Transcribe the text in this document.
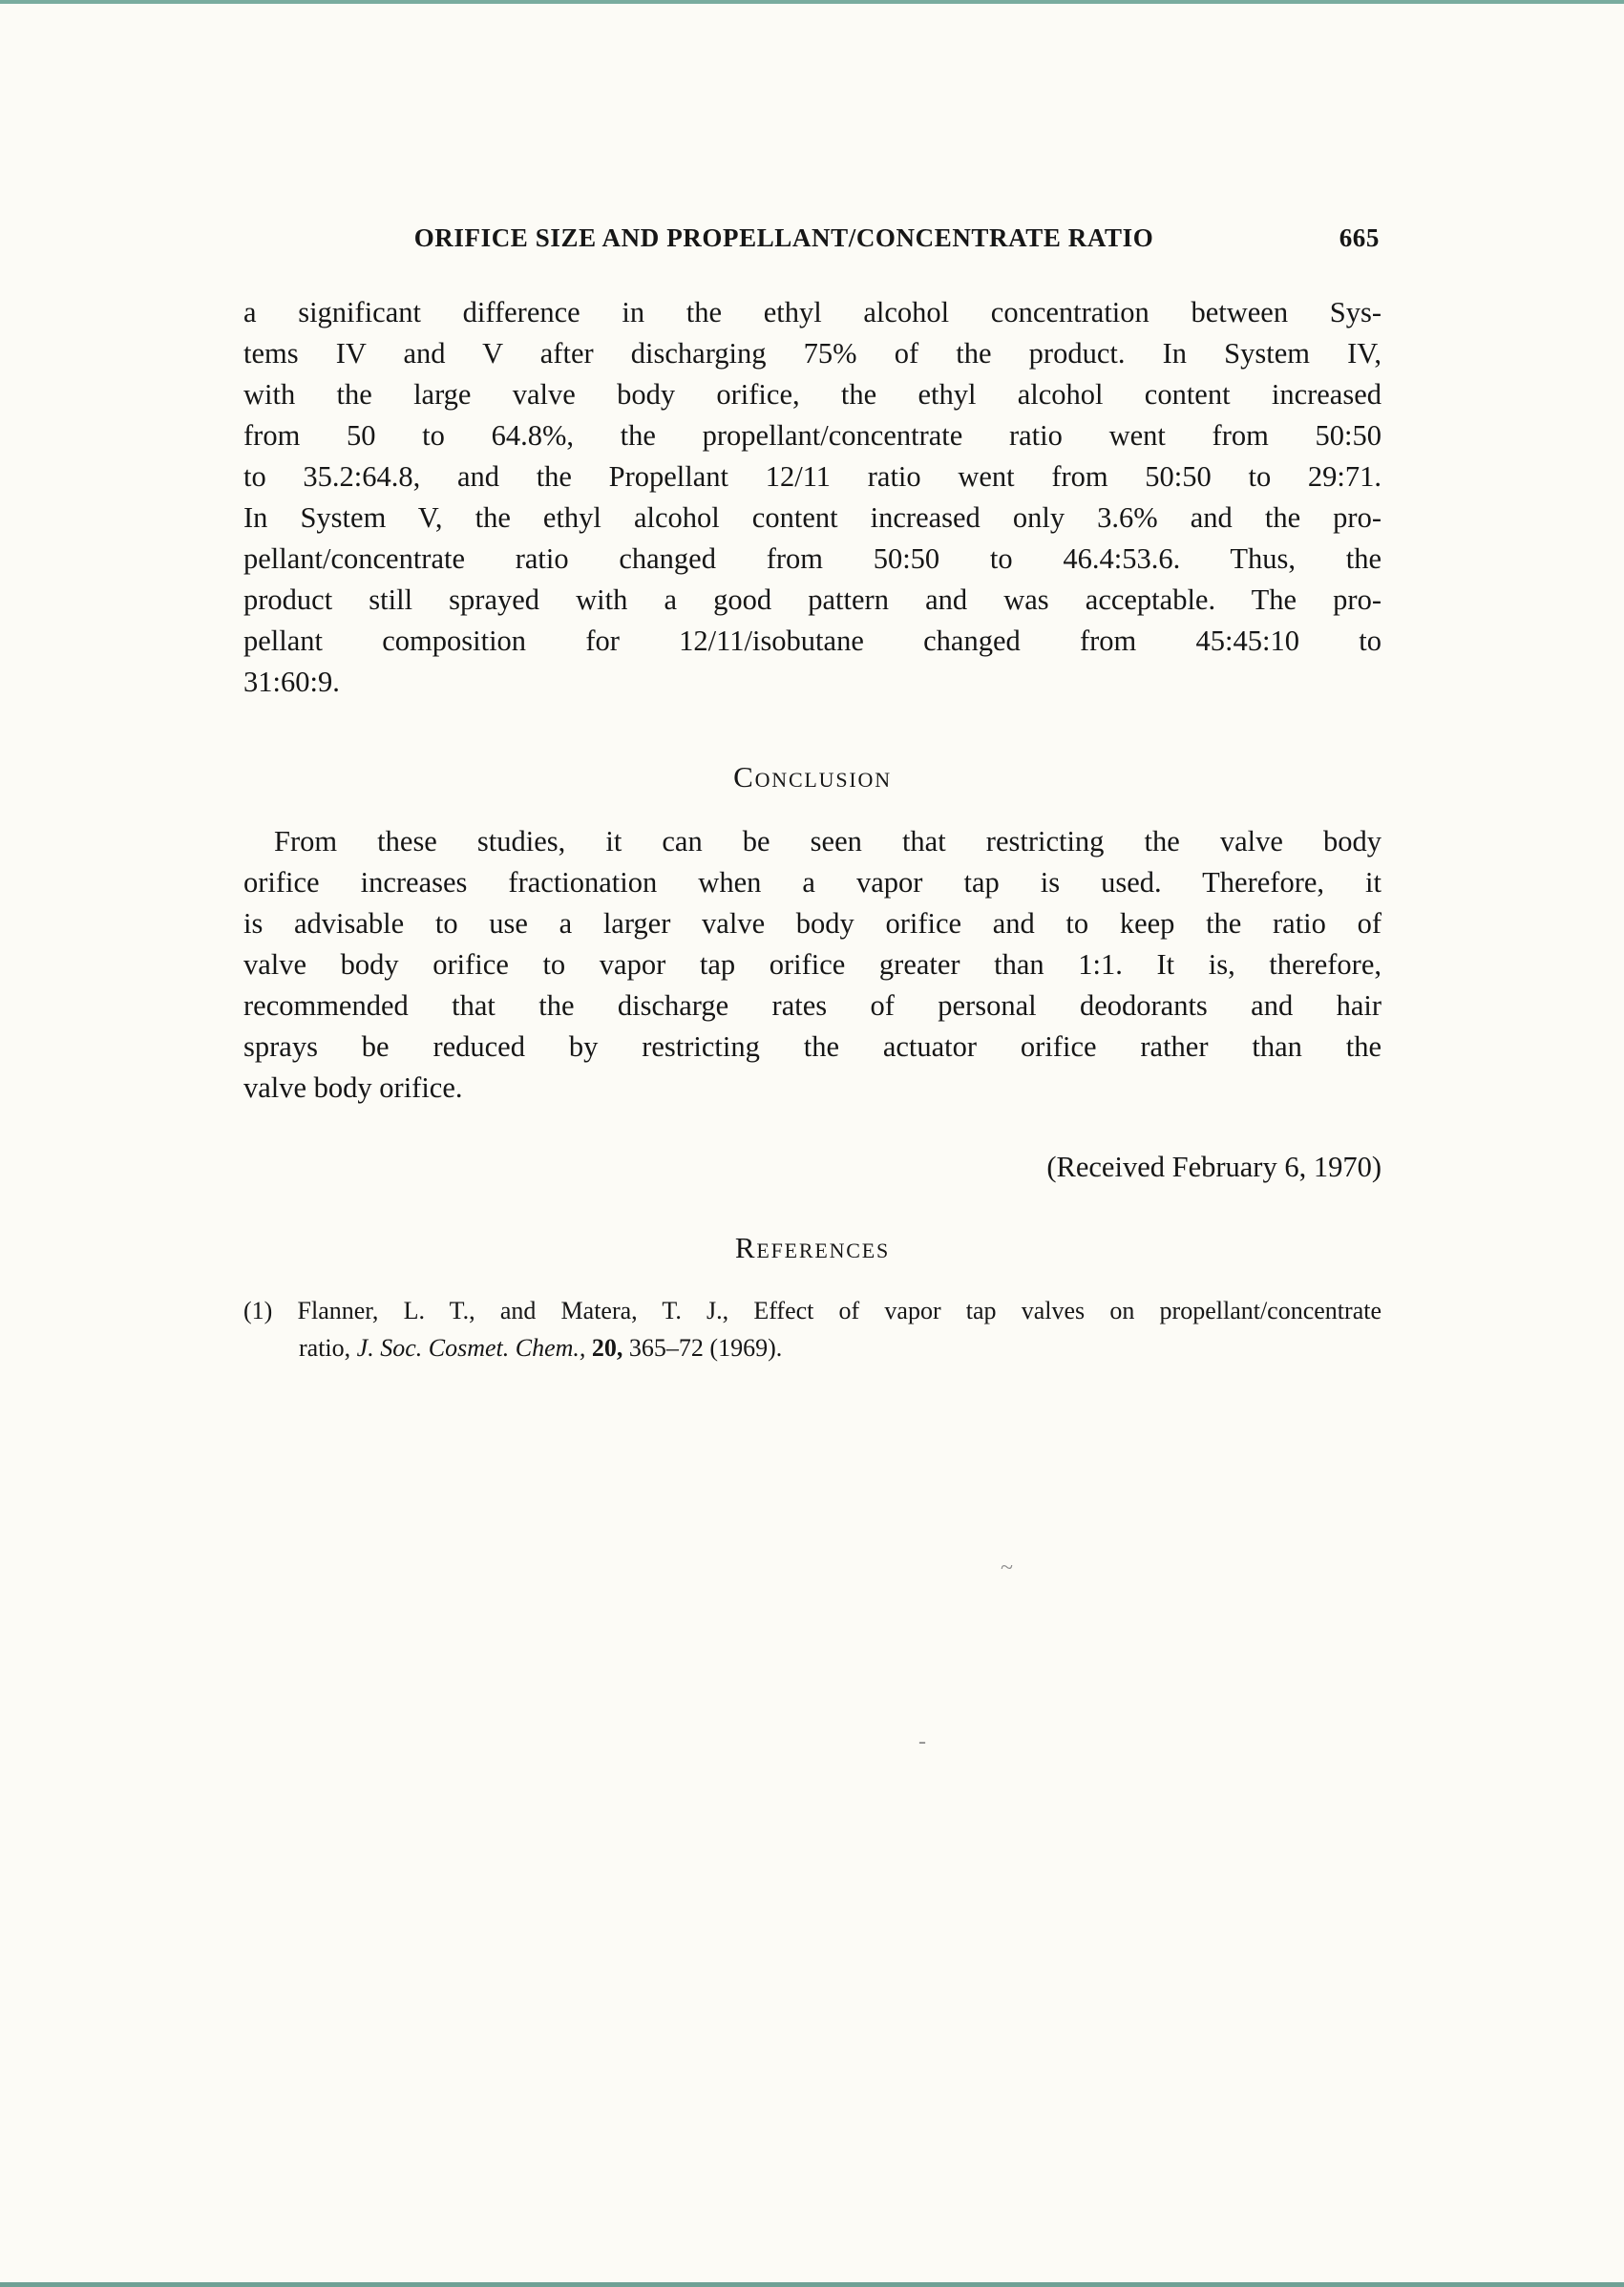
ORIFICE SIZE AND PROPELLANT/CONCENTRATE RATIO	665
a significant difference in the ethyl alcohol concentration between Sys-
tems IV and V after discharging 75% of the product. In System IV,
with the large valve body orifice, the ethyl alcohol content increased
from 50 to 64.8%, the propellant/concentrate ratio went from 50:50
to 35.2:64.8, and the Propellant 12/11 ratio went from 50:50 to 29:71.
In System V, the ethyl alcohol content increased only 3.6% and the pro-
pellant/concentrate ratio changed from 50:50 to 46.4:53.6. Thus, the
product still sprayed with a good pattern and was acceptable. The pro-
pellant composition for 12/11/isobutane changed from 45:45:10 to
31:60:9.
Conclusion
From these studies, it can be seen that restricting the valve body
orifice increases fractionation when a vapor tap is used. Therefore, it
is advisable to use a larger valve body orifice and to keep the ratio of
valve body orifice to vapor tap orifice greater than 1:1. It is, therefore,
recommended that the discharge rates of personal deodorants and hair
sprays be reduced by restricting the actuator orifice rather than the
valve body orifice.
(Received February 6, 1970)
References
(1) Flanner, L. T., and Matera, T. J., Effect of vapor tap valves on propellant/concentrate
ratio, J. Soc. Cosmet. Chem., 20, 365–72 (1969).
~
-
